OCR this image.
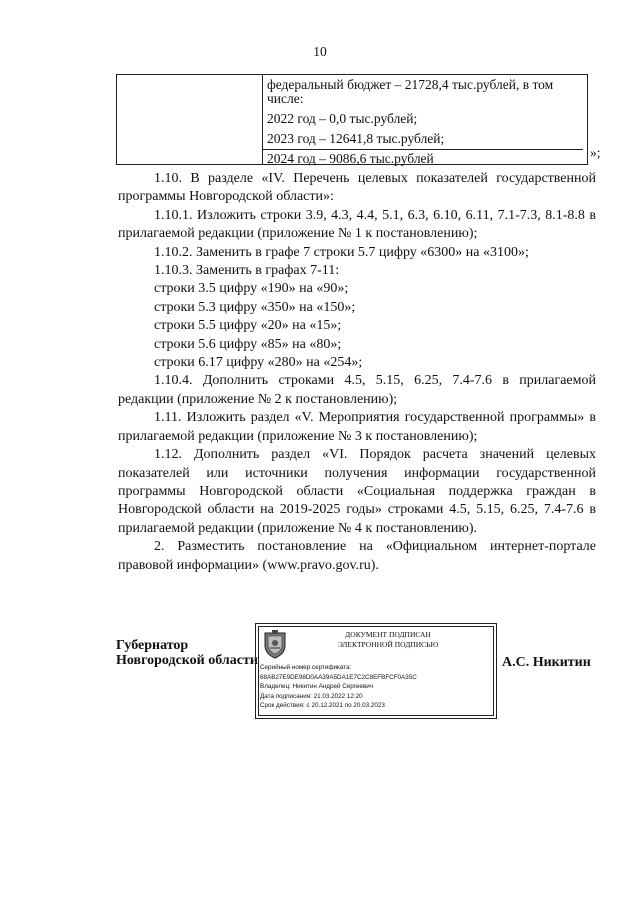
10
федеральный бюджет – 21728,4 тыс.рублей, в том
числе:
2022 год – 0,0 тыс.рублей;
2023 год – 12641,8 тыс.рублей;
2024 год – 9086,6 тыс.рублей	»;

1.10. В разделе «IV. Перечень целевых показателей государственной программы Новгородской области»:

1.10.1. Изложить строки 3.9, 4.3, 4.4, 5.1, 6.3, 6.10, 6.11, 7.1-7.3, 8.1-8.8 в прилагаемой редакции (приложение № 1 к постановлению);

1.10.2. Заменить в графе 7 строки 5.7 цифру «6300» на «3100»;

1.10.3. Заменить в графах 7-11:

строки 3.5 цифру «190» на «90»;

строки 5.3 цифру «350» на «150»;

строки 5.5 цифру «20» на «15»;

строки 5.6 цифру «85» на «80»;

строки 6.17 цифру «280» на «254»;

1.10.4. Дополнить строками 4.5, 5.15, 6.25, 7.4-7.6 в прилагаемой редакции (приложение № 2 к постановлению);

1.11. Изложить раздел «V. Мероприятия государственной программы» в прилагаемой редакции (приложение № 3 к постановлению);

1.12. Дополнить раздел «VI. Порядок расчета значений целевых показателей или источники получения информации государственной программы Новгородской области «Социальная поддержка граждан в Новгородской области на 2019-2025 годы» строками 4.5, 5.15, 6.25, 7.4-7.6 в прилагаемой редакции (приложение № 4 к постановлению).

2. Разместить постановление на «Официальном интернет-портале правовой информации» (www.pravo.gov.ru).

Губернатор
Новгородской области
ДОКУМЕНТ ПОДПИСАН
ЭЛЕКТРОННОЙ ПОДПИСЬЮ
Серийный номер сертификата:
68AB27E9DE98D0AA39A5DA1E7C2C8EFBFCF0A35C
Владелец: Никитин Андрей Сергеевич
Дата подписания: 21.03.2022 12:20
Срок действия: с 20.12.2021 по 20.03.2023
А.С. Никитин
